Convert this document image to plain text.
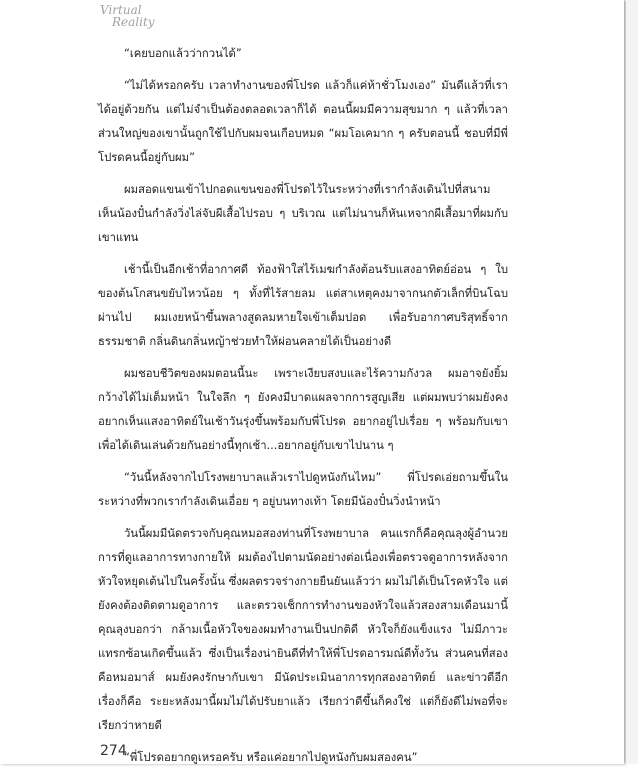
Virtual
Reality

“เคยบอกแล้วว่ากวนได้”

“ไม่ได้หรอกครับ เวลาทำงานของพี่โปรด แล้วก็แค่ห้าชั่วโมงเอง” มันดีแล้วที่เราได้อยู่ด้วยกัน แต่ไม่จำเป็นต้องตลอดเวลาก็ได้ ตอนนี้ผมมีความสุขมาก ๆ แล้วที่เวลาส่วนใหญ่ของเขานั้นถูกใช้ไปกับผมจนเกือบหมด “ผมโอเคมาก ๆ ครับตอนนี้ ชอบที่มีพี่โปรดคนนี้อยู่กับผม”

ผมสอดแขนเข้าไปกอดแขนของพี่โปรดไว้ในระหว่างที่เรากำลังเดินไปที่สนาม เห็นน้องปั๋นกำลังวิ่งไล่จับผีเสื้อไปรอบ ๆ บริเวณ แต่ไม่นานก็หันเหจากผีเสื้อมาที่ผมกับเขาแทน

เช้านี้เป็นอีกเช้าที่อากาศดี ท้องฟ้าใสไร้เมฆกำลังต้อนรับแสงอาทิตย์อ่อน ๆ ใบของต้นโกสนขยับไหวน้อย ๆ ทั้งที่ไร้สายลม แต่สาเหตุคงมาจากนกตัวเล็กที่บินโฉบผ่านไป ผมเงยหน้าขึ้นพลางสูดลมหายใจเข้าเต็มปอด เพื่อรับอากาศบริสุทธิ์จากธรรมชาติ กลิ่นดินกลิ่นหญ้าช่วยทำให้ผ่อนคลายได้เป็นอย่างดี

ผมชอบชีวิตของผมตอนนี้นะ เพราะเงียบสงบและไร้ความกังวล ผมอาจยังยิ้มกว้างได้ไม่เต็มหน้า ในใจลึก ๆ ยังคงมีบาดแผลจากการสูญเสีย แต่ผมพบว่าผมยังคงอยากเห็นแสงอาทิตย์ในเช้าวันรุ่งขึ้นพร้อมกับพี่โปรด อยากอยู่ไปเรื่อย ๆ พร้อมกับเขา เพื่อได้เดินเล่นด้วยกันอย่างนี้ทุกเช้า...อยากอยู่กับเขาไปนาน ๆ

“วันนี้หลังจากไปโรงพยาบาลแล้วเราไปดูหนังกันไหม” พี่โปรดเอ่ยถามขึ้นในระหว่างที่พวกเรากำลังเดินเอื่อย ๆ อยู่บนทางเท้า โดยมีน้องปั๋นวิ่งนำหน้า

วันนี้ผมมีนัดตรวจกับคุณหมอสองท่านที่โรงพยาบาล คนแรกก็คือคุณลุงผู้อำนวยการที่ดูแลอาการทางกายให้ ผมต้องไปตามนัดอย่างต่อเนื่องเพื่อตรวจดูอาการหลังจากหัวใจหยุดเต้นไปในครั้งนั้น ซึ่งผลตรวจร่างกายยืนยันแล้วว่า ผมไม่ได้เป็นโรคหัวใจ แต่ยังคงต้องติดตามดูอาการ และตรวจเช็กการทำงานของหัวใจแล้วสองสามเดือนมานี้คุณลุงบอกว่า กล้ามเนื้อหัวใจของผมทำงานเป็นปกติดี หัวใจก็ยังแข็งแรง ไม่มีภาวะแทรกซ้อนเกิดขึ้นแล้ว ซึ่งเป็นเรื่องน่ายินดีที่ทำให้พี่โปรดอารมณ์ดีทั้งวัน ส่วนคนที่สองคือหมอมาส์ ผมยังคงรักษากับเขา มีนัดประเมินอาการทุกสองอาทิตย์ และข่าวดีอีกเรื่องก็คือ ระยะหลังมานี้ผมไม่ได้ปรับยาแล้ว เรียกว่าดีขึ้นก็คงใช่ แต่ก็ยังดีไม่พอที่จะเรียกว่าหายดี

“พี่โปรดอยากดูเหรอครับ หรือแค่อยากไปดูหนังกับผมสองคน”

274
